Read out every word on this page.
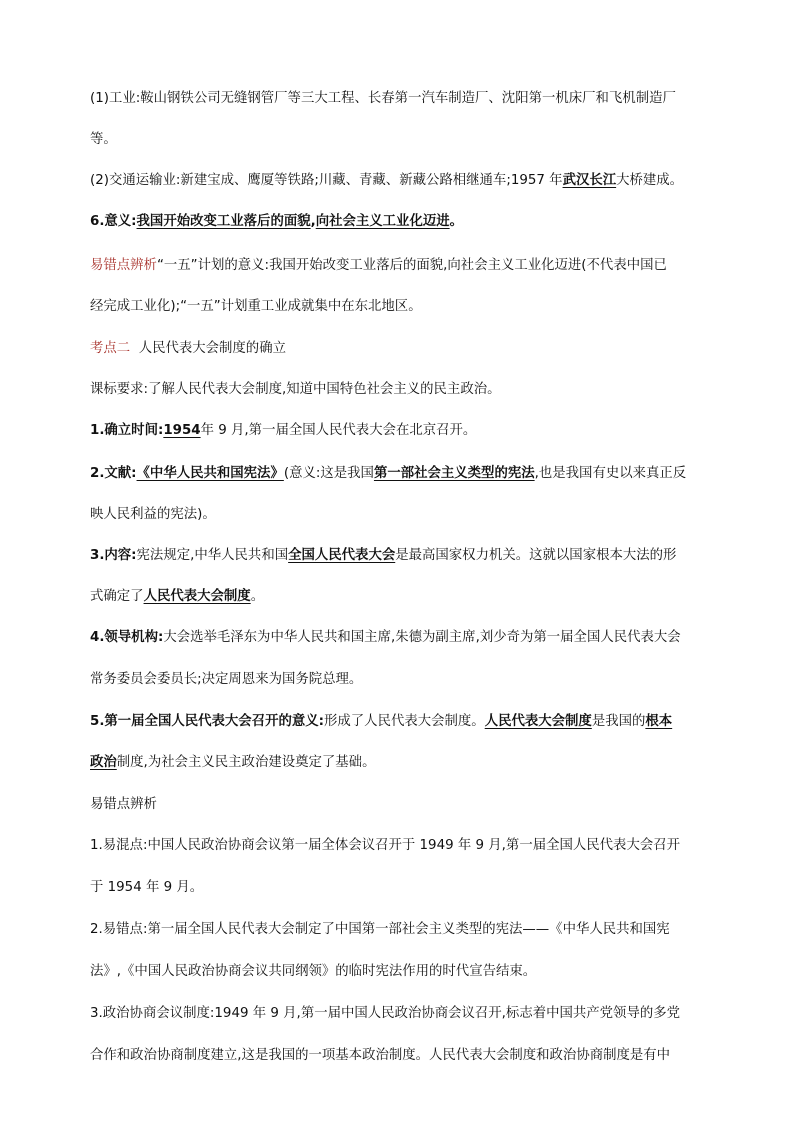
(1)工业:鞍山钢铁公司无缝钢管厂等三大工程、长春第一汽车制造厂、沈阳第一机床厂和飞机制造厂
等。
(2)交通运输业:新建宝成、鹰厦等铁路;川藏、青藏、新藏公路相继通车;1957 年武汉长江大桥建成。
6.意义:我国开始改变工业落后的面貌,向社会主义工业化迈进。
易错点辨析“一五”计划的意义:我国开始改变工业落后的面貌,向社会主义工业化迈进(不代表中国已
经完成工业化);“一五”计划重工业成就集中在东北地区。
考点二 人民代表大会制度的确立
课标要求:了解人民代表大会制度,知道中国特色社会主义的民主政治。
1.确立时间:1954年 9 月,第一届全国人民代表大会在北京召开。
2.文献:《中华人民共和国宪法》(意义:这是我国第一部社会主义类型的宪法,也是我国有史以来真正反
映人民利益的宪法)。
3.内容:宪法规定,中华人民共和国全国人民代表大会是最高国家权力机关。这就以国家根本大法的形
式确定了人民代表大会制度。
4.领导机构:大会选举毛泽东为中华人民共和国主席,朱德为副主席,刘少奇为第一届全国人民代表大会
常务委员会委员长;决定周恩来为国务院总理。
5.第一届全国人民代表大会召开的意义:形成了人民代表大会制度。人民代表大会制度是我国的根本
政治制度,为社会主义民主政治建设奠定了基础。
易错点辨析
1.易混点:中国人民政治协商会议第一届全体会议召开于 1949 年 9 月,第一届全国人民代表大会召开
于 1954 年 9 月。
2.易错点:第一届全国人民代表大会制定了中国第一部社会主义类型的宪法——《中华人民共和国宪
法》,《中国人民政治协商会议共同纲领》的临时宪法作用的时代宣告结束。
3.政治协商会议制度:1949 年 9 月,第一届中国人民政治协商会议召开,标志着中国共产党领导的多党
合作和政治协商制度建立,这是我国的一项基本政治制度。人民代表大会制度和政治协商制度是有中
